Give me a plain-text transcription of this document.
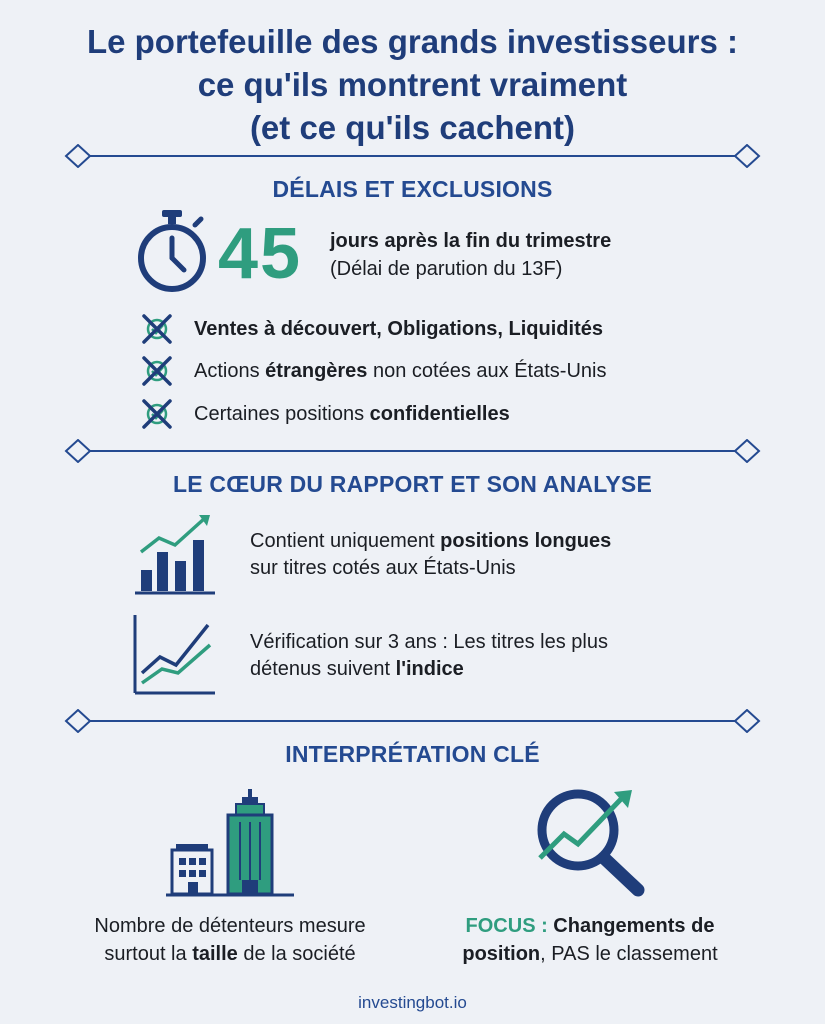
Le portefeuille des grands investisseurs :
ce qu'ils montrent vraiment
(et ce qu'ils cachent)
DÉLAIS ET EXCLUSIONS
45 jours après la fin du trimestre
(Délai de parution du 13F)
Ventes à découvert, Obligations, Liquidités
Actions étrangères non cotées aux États-Unis
Certaines positions confidentielles
LE CŒUR DU RAPPORT ET SON ANALYSE
Contient uniquement positions longues
sur titres cotés aux États-Unis
Vérification sur 3 ans : Les titres les plus
détenus suivent l'indice
INTERPRÉTATION CLÉ
Nombre de détenteurs mesure
surtout la taille de la société
FOCUS : Changements de
position, PAS le classement
investingbot.io
